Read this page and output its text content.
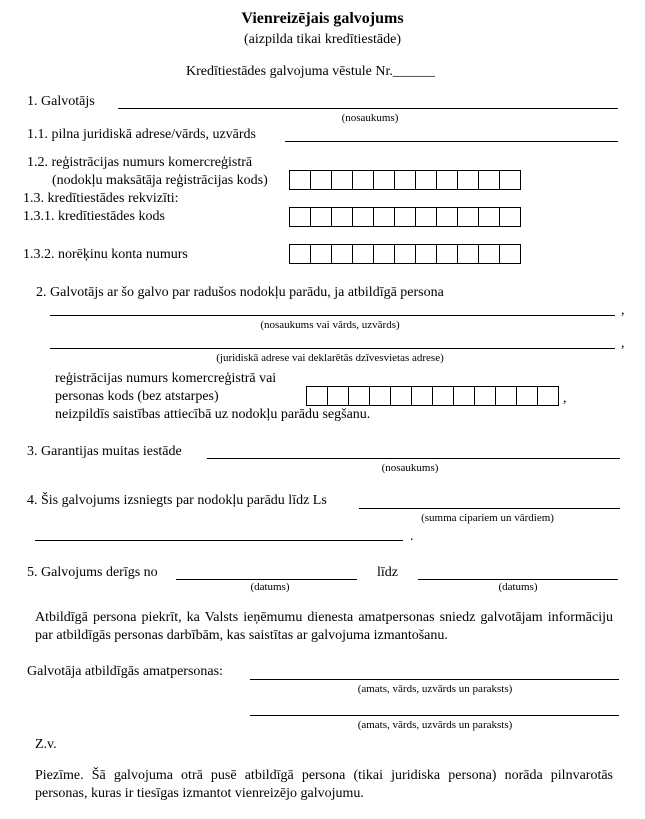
Vienreizējais galvojums
(aizpilda tikai kredītiestāde)
Kredītiestādes galvojuma vēstule Nr.______
1. Galvotājs
(nosaukums)
1.1. pilna juridiskā adrese/vārds, uzvārds
1.2. reģistrācijas numurs komercreģistrā
(nodokļu maksātāja reģistrācijas kods)
1.3. kredītiestādes rekvizīti:
1.3.1. kredītiestādes kods
1.3.2. norēķinu konta numurs
2. Galvotājs ar šo galvo par radušos nodokļu parādu, ja atbildīgā persona
,
(nosaukums vai vārds, uzvārds)
,
(juridiskā adrese vai deklarētās dzīvesvietas adrese)
reģistrācijas numurs komercreģistrā vai
personas kods (bez atstarpes)	,
neizpildīs saistības attiecībā uz nodokļu parādu segšanu.
3. Garantijas muitas iestāde
(nosaukums)
4. Šis galvojums izsniegts par nodokļu parādu līdz Ls
(summa cipariem un vārdiem)
.
5. Galvojums derīgs no
(datums)
līdz
(datums)
Atbildīgā persona piekrīt, ka Valsts ieņēmumu dienesta amatpersonas sniedz galvotājam informāciju par atbildīgās personas darbībām, kas saistītas ar galvojuma izmantošanu.
Galvotāja atbildīgās amatpersonas:
(amats, vārds, uzvārds un paraksts)
(amats, vārds, uzvārds un paraksts)
Z.v.
Piezīme. Šā galvojuma otrā pusē atbildīgā persona (tikai juridiska persona) norāda pilnvarotās personas, kuras ir tiesīgas izmantot vienreizējo galvojumu.
